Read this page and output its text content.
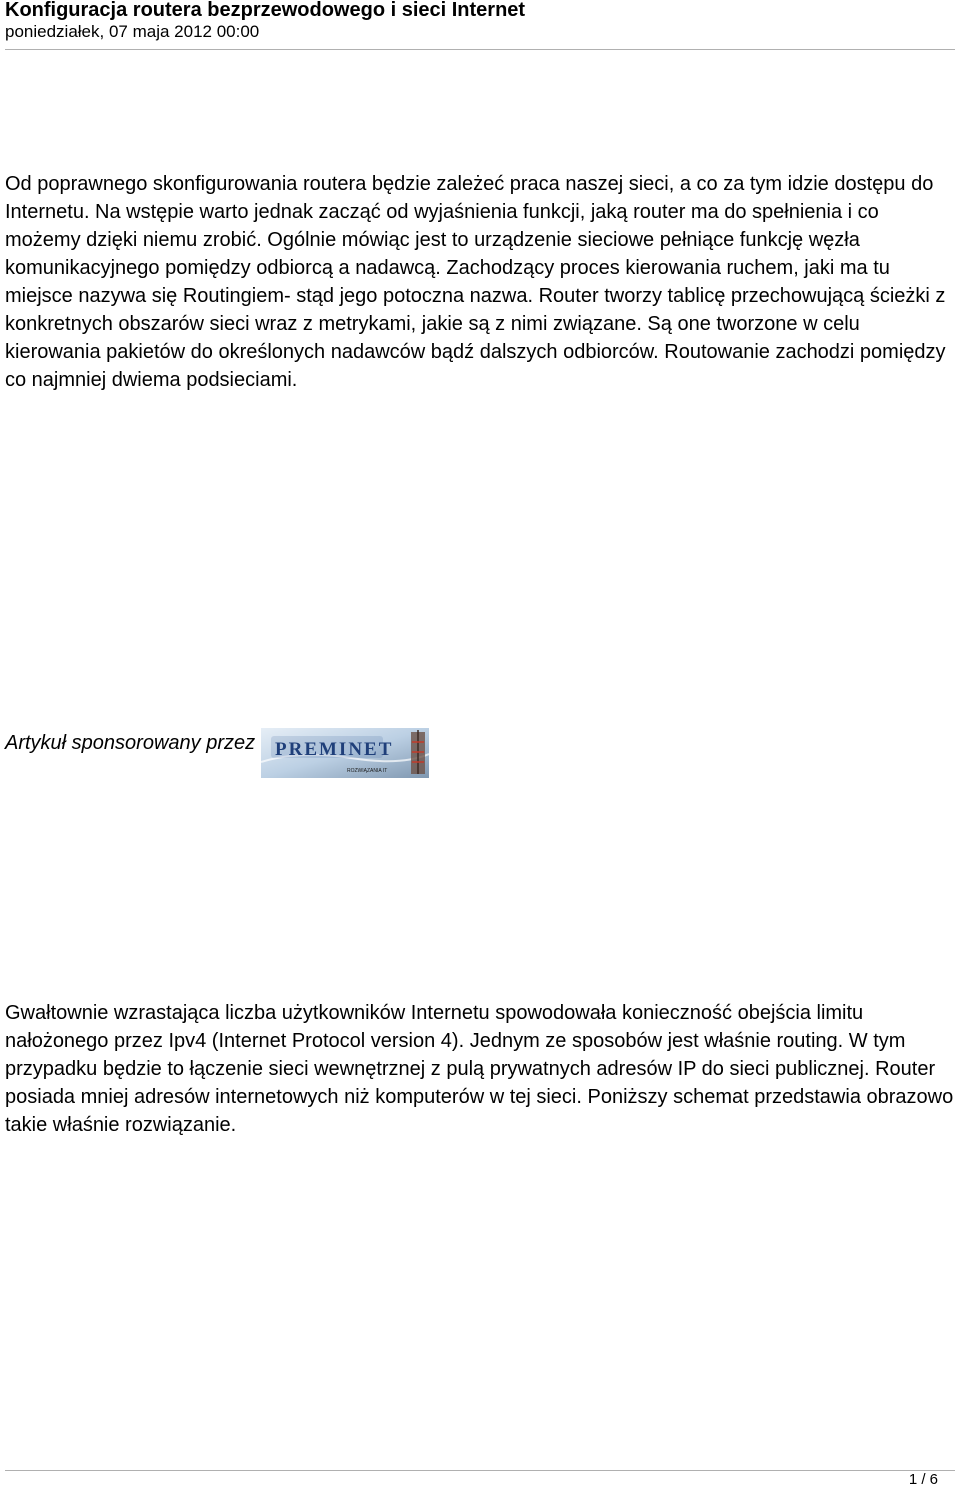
Konfiguracja routera bezprzewodowego i sieci Internet
poniedziałek, 07 maja 2012 00:00
Od poprawnego skonfigurowania routera będzie zależeć praca naszej sieci, a co za tym idzie dostępu do Internetu. Na wstępie warto jednak zacząć od wyjaśnienia funkcji, jaką router ma do spełnienia i co możemy dzięki niemu zrobić. Ogólnie mówiąc jest to urządzenie sieciowe pełniące funkcję węzła komunikacyjnego pomiędzy odbiorcą a nadawcą. Zachodzący proces kierowania ruchem, jaki ma tu miejsce nazywa się Routingiem- stąd jego potoczna nazwa. Router tworzy tablicę przechowującą ścieżki z konkretnych obszarów sieci wraz z metrykami, jakie są z nimi związane. Są one tworzone w celu kierowania pakietów do określonych nadawców bądź dalszych odbiorców. Routowanie zachodzi pomiędzy co najmniej dwiema podsieciami.
Artykuł sponsorowany przez PREMINET
ROZWIĄZANIA IT
Gwałtownie wzrastająca liczba użytkowników Internetu spowodowała konieczność obejścia limitu nałożonego przez Ipv4 (Internet Protocol version 4). Jednym ze sposobów jest właśnie routing. W tym przypadku będzie to łączenie sieci wewnętrznej z pulą prywatnych adresów IP do sieci publicznej. Router posiada mniej adresów internetowych niż komputerów w tej sieci. Poniższy schemat przedstawia obrazowo takie właśnie rozwiązanie.
1 / 6
